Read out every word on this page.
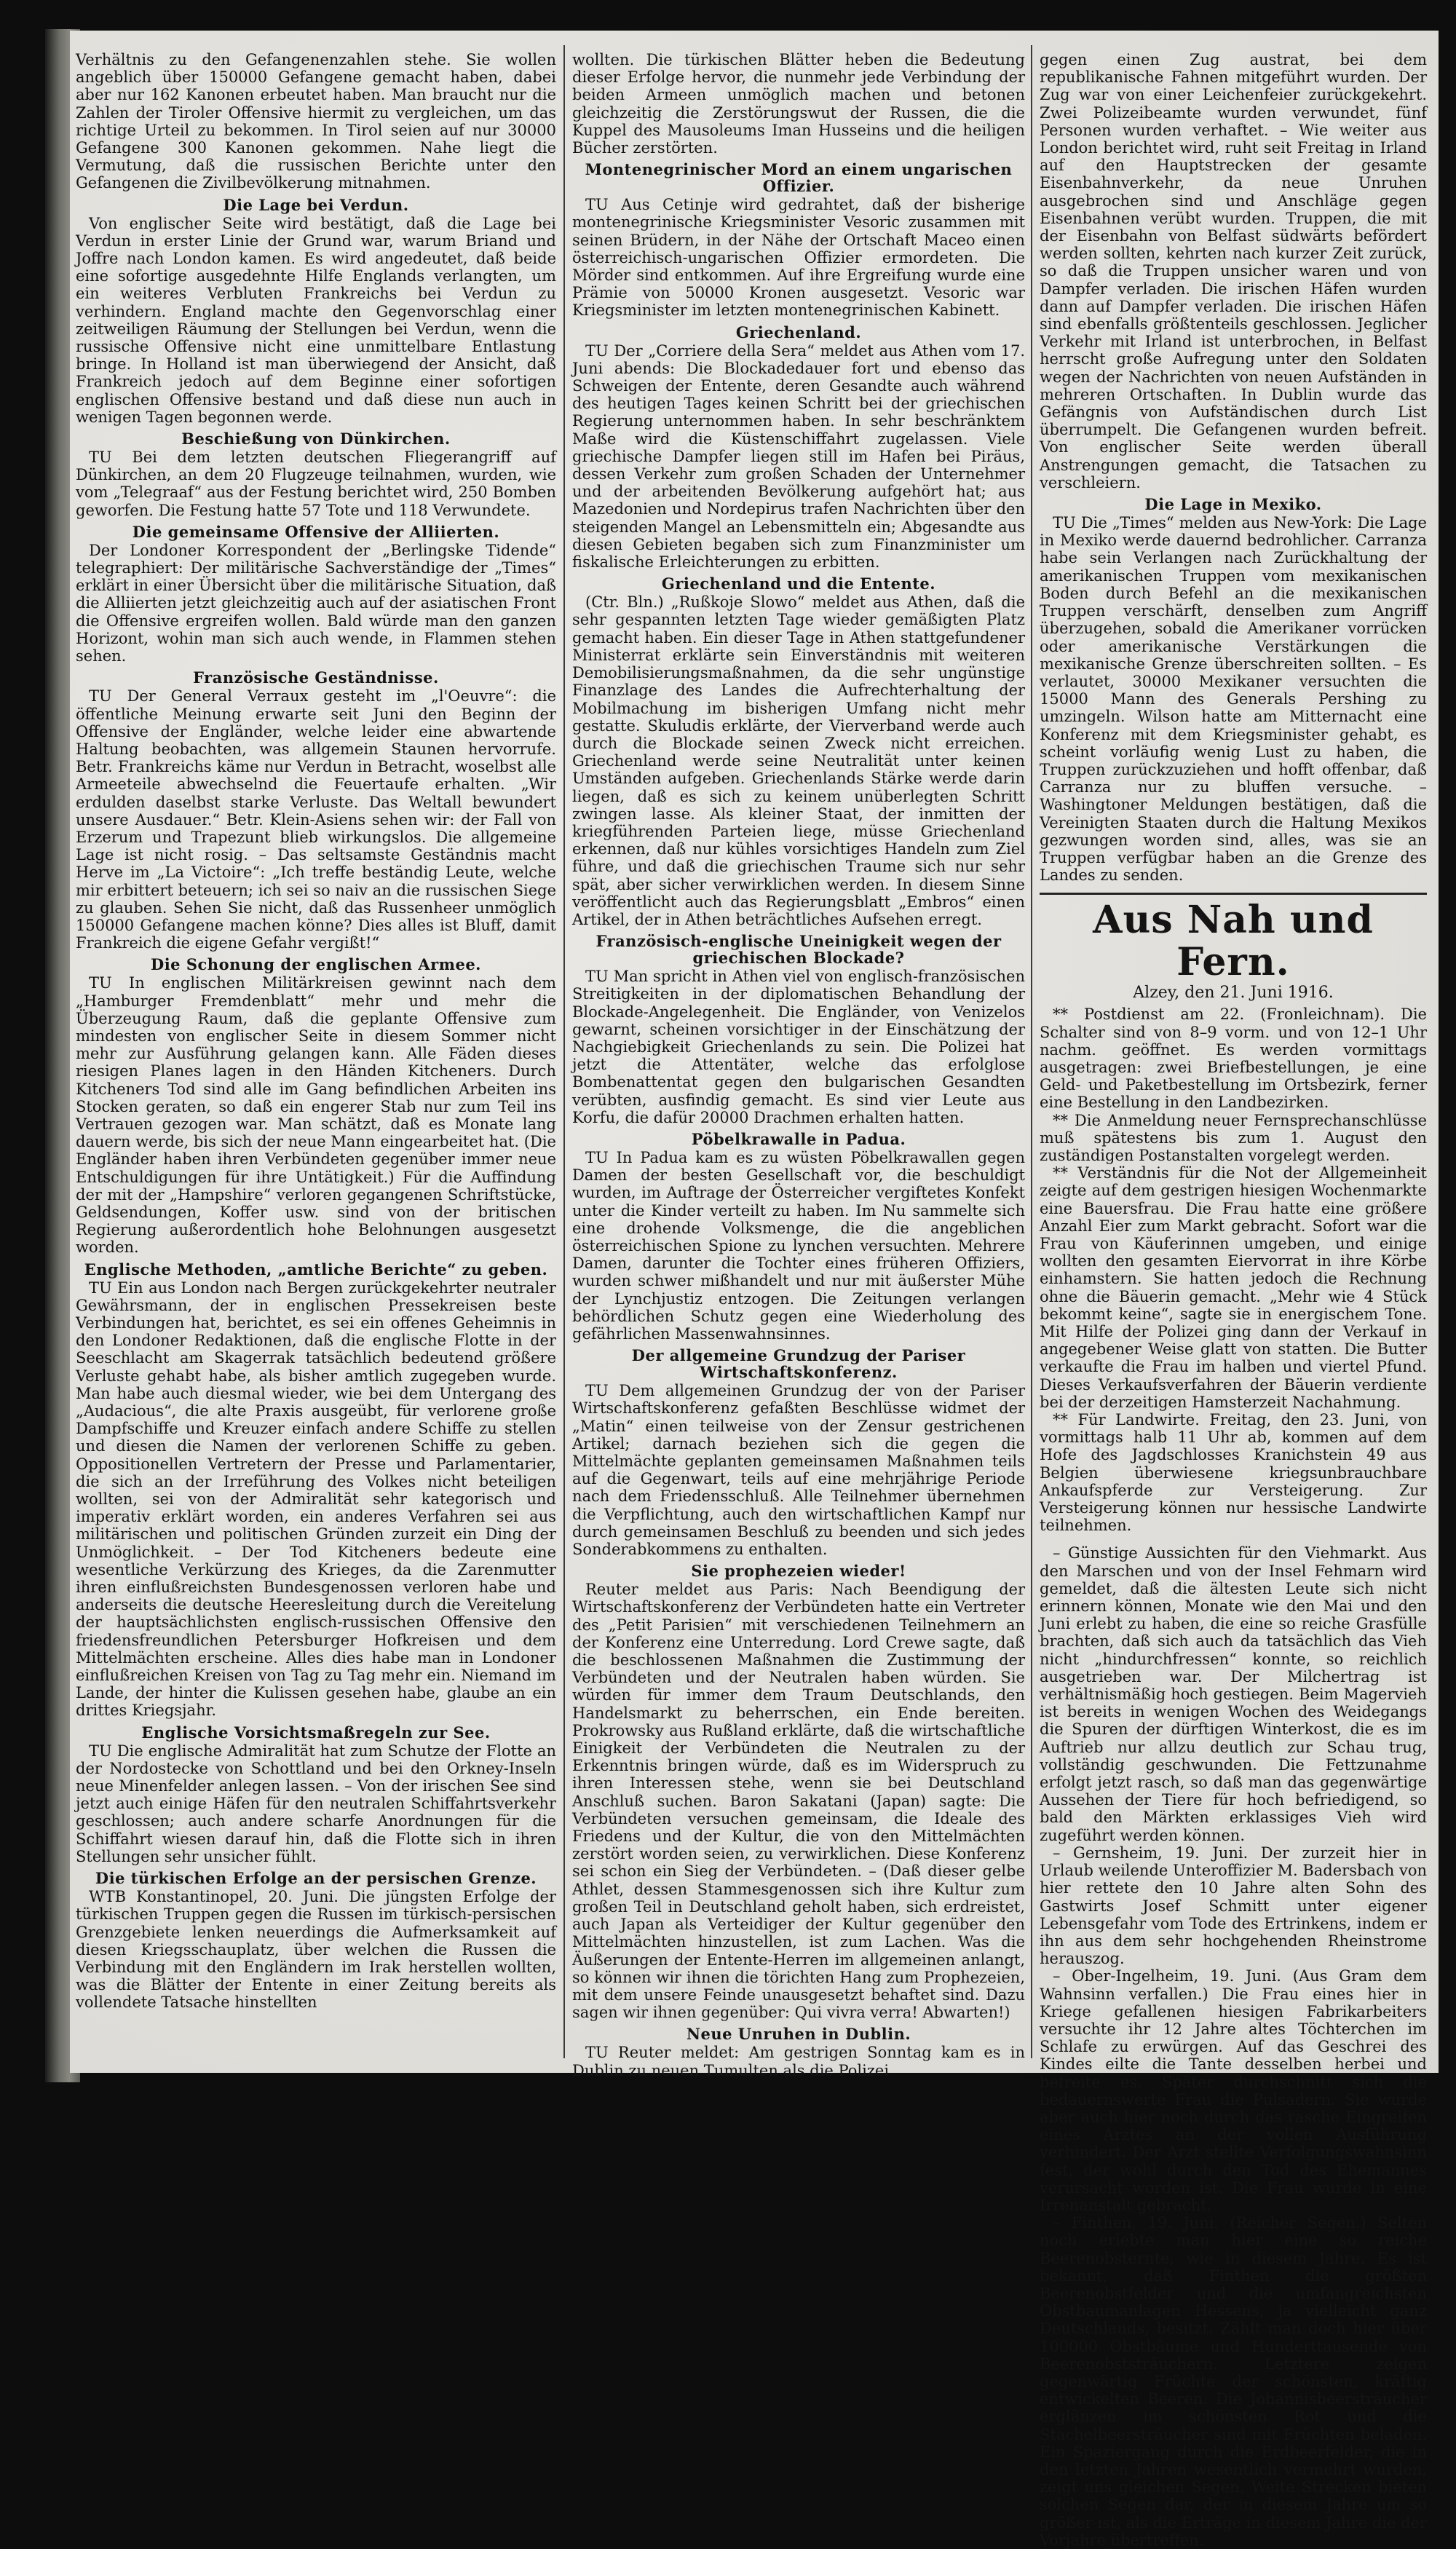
Verhältnis zu den Gefangenenzahlen stehe. Sie wollen angeblich über 150000 Gefangene gemacht haben, dabei aber nur 162 Kanonen erbeutet haben. Man braucht nur die Zahlen der Tiroler Offensive hiermit zu vergleichen, um das richtige Urteil zu bekommen. In Tirol seien auf nur 30000 Gefangene 300 Kanonen gekommen. Nahe liegt die Vermutung, daß die russischen Berichte unter den Gefangenen die Zivilbevölkerung mitnahmen.

Die Lage bei Verdun.

Von englischer Seite wird bestätigt, daß die Lage bei Verdun in erster Linie der Grund war, warum Briand und Joffre nach London kamen. Es wird angedeutet, daß beide eine sofortige ausgedehnte Hilfe Englands verlangten, um ein weiteres Verbluten Frankreichs bei Verdun zu verhindern. England machte den Gegenvorschlag einer zeitweiligen Räumung der Stellungen bei Verdun, wenn die russische Offensive nicht eine unmittelbare Entlastung bringe. In Holland ist man überwiegend der Ansicht, daß Frankreich jedoch auf dem Beginne einer sofortigen englischen Offensive bestand und daß diese nun auch in wenigen Tagen begonnen werde.

Beschießung von Dünkirchen.

TU Bei dem letzten deutschen Fliegerangriff auf Dünkirchen, an dem 20 Flugzeuge teilnahmen, wurden, wie vom „Telegraaf“ aus der Festung berichtet wird, 250 Bomben geworfen. Die Festung hatte 57 Tote und 118 Verwundete.

Die gemeinsame Offensive der Alliierten.

Der Londoner Korrespondent der „Berlingske Tidende“ telegraphiert: Der militärische Sachverständige der „Times“ erklärt in einer Übersicht über die militärische Situation, daß die Alliierten jetzt gleichzeitig auch auf der asiatischen Front die Offensive ergreifen wollen. Bald würde man den ganzen Horizont, wohin man sich auch wende, in Flammen stehen sehen.

Französische Geständnisse.

TU Der General Verraux gesteht im „l'Oeuvre“: die öffentliche Meinung erwarte seit Juni den Beginn der Offensive der Engländer, welche leider eine abwartende Haltung beobachten, was allgemein Staunen hervorrufe. Betr. Frankreichs käme nur Verdun in Betracht, woselbst alle Armeeteile abwechselnd die Feuertaufe erhalten. „Wir erdulden daselbst starke Verluste. Das Weltall bewundert unsere Ausdauer.“ Betr. Klein-Asiens sehen wir: der Fall von Erzerum und Trapezunt blieb wirkungslos. Die allgemeine Lage ist nicht rosig. – Das seltsamste Geständnis macht Herve im „La Victoire“: „Ich treffe beständig Leute, welche mir erbittert beteuern; ich sei so naiv an die russischen Siege zu glauben. Sehen Sie nicht, daß das Russenheer unmöglich 150000 Gefangene machen könne? Dies alles ist Bluff, damit Frankreich die eigene Gefahr vergißt!“

Die Schonung der englischen Armee.

TU In englischen Militärkreisen gewinnt nach dem „Hamburger Fremdenblatt“ mehr und mehr die Überzeugung Raum, daß die geplante Offensive zum mindesten von englischer Seite in diesem Sommer nicht mehr zur Ausführung gelangen kann. Alle Fäden dieses riesigen Planes lagen in den Händen Kitcheners. Durch Kitcheners Tod sind alle im Gang befindlichen Arbeiten ins Stocken geraten, so daß ein engerer Stab nur zum Teil ins Vertrauen gezogen war. Man schätzt, daß es Monate lang dauern werde, bis sich der neue Mann eingearbeitet hat. (Die Engländer haben ihren Verbündeten gegenüber immer neue Entschuldigungen für ihre Untätigkeit.) Für die Auffindung der mit der „Hampshire“ verloren gegangenen Schriftstücke, Geldsendungen, Koffer usw. sind von der britischen Regierung außerordentlich hohe Belohnungen ausgesetzt worden.

Englische Methoden, „amtliche Berichte“ zu geben.

TU Ein aus London nach Bergen zurückgekehrter neutraler Gewährsmann, der in englischen Pressekreisen beste Verbindungen hat, berichtet, es sei ein offenes Geheimnis in den Londoner Redaktionen, daß die englische Flotte in der Seeschlacht am Skagerrak tatsächlich bedeutend größere Verluste gehabt habe, als bisher amtlich zugegeben wurde. Man habe auch diesmal wieder, wie bei dem Untergang des „Audacious“, die alte Praxis ausgeübt, für verlorene große Dampfschiffe und Kreuzer einfach andere Schiffe zu stellen und diesen die Namen der verlorenen Schiffe zu geben. Oppositionellen Vertretern der Presse und Parlamentarier, die sich an der Irreführung des Volkes nicht beteiligen wollten, sei von der Admiralität sehr kategorisch und imperativ erklärt worden, ein anderes Verfahren sei aus militärischen und politischen Gründen zurzeit ein Ding der Unmöglichkeit. – Der Tod Kitcheners bedeute eine wesentliche Verkürzung des Krieges, da die Zarenmutter ihren einflußreichsten Bundesgenossen verloren habe und anderseits die deutsche Heeresleitung durch die Vereitelung der hauptsächlichsten englisch-russischen Offensive den friedensfreundlichen Petersburger Hofkreisen und dem Mittelmächten erscheine. Alles dies habe man in Londoner einflußreichen Kreisen von Tag zu Tag mehr ein. Niemand im Lande, der hinter die Kulissen gesehen habe, glaube an ein drittes Kriegsjahr.

Englische Vorsichtsmaßregeln zur See.

TU Die englische Admiralität hat zum Schutze der Flotte an der Nordostecke von Schottland und bei den Orkney-Inseln neue Minenfelder anlegen lassen. – Von der irischen See sind jetzt auch einige Häfen für den neutralen Schiffahrtsverkehr geschlossen; auch andere scharfe Anordnungen für die Schiffahrt wiesen darauf hin, daß die Flotte sich in ihren Stellungen sehr unsicher fühlt.

Die türkischen Erfolge an der persischen Grenze.

WTB Konstantinopel, 20. Juni. Die jüngsten Erfolge der türkischen Truppen gegen die Russen im türkisch-persischen Grenzgebiete lenken neuerdings die Aufmerksamkeit auf diesen Kriegsschauplatz, über welchen die Russen die Verbindung mit den Engländern im Irak herstellen wollten, was die Blätter der Entente in einer Zeitung bereits als vollendete Tatsache hinstellten

wollten. Die türkischen Blätter heben die Bedeutung dieser Erfolge hervor, die nunmehr jede Verbindung der beiden Armeen unmöglich machen und betonen gleichzeitig die Zerstörungswut der Russen, die die Kuppel des Mausoleums Iman Husseins und die heiligen Bücher zerstörten.

Montenegrinischer Mord an einem ungarischen Offizier.

TU Aus Cetinje wird gedrahtet, daß der bisherige montenegrinische Kriegsminister Vesoric zusammen mit seinen Brüdern, in der Nähe der Ortschaft Maceo einen österreichisch-ungarischen Offizier ermordeten. Die Mörder sind entkommen. Auf ihre Ergreifung wurde eine Prämie von 50000 Kronen ausgesetzt. Vesoric war Kriegsminister im letzten montenegrinischen Kabinett.

Griechenland.

TU Der „Corriere della Sera“ meldet aus Athen vom 17. Juni abends: Die Blockadedauer fort und ebenso das Schweigen der Entente, deren Gesandte auch während des heutigen Tages keinen Schritt bei der griechischen Regierung unternommen haben. In sehr beschränktem Maße wird die Küstenschiffahrt zugelassen. Viele griechische Dampfer liegen still im Hafen bei Piräus, dessen Verkehr zum großen Schaden der Unternehmer und der arbeitenden Bevölkerung aufgehört hat; aus Mazedonien und Nordepirus trafen Nachrichten über den steigenden Mangel an Lebensmitteln ein; Abgesandte aus diesen Gebieten begaben sich zum Finanzminister um fiskalische Erleichterungen zu erbitten.

Griechenland und die Entente.

(Ctr. Bln.) „Rußkoje Slowo“ meldet aus Athen, daß die sehr gespannten letzten Tage wieder gemäßigten Platz gemacht haben. Ein dieser Tage in Athen stattgefundener Ministerrat erklärte sein Einverständnis mit weiteren Demobilisierungsmaßnahmen, da die sehr ungünstige Finanzlage des Landes die Aufrechterhaltung der Mobilmachung im bisherigen Umfang nicht mehr gestatte. Skuludis erklärte, der Vierverband werde auch durch die Blockade seinen Zweck nicht erreichen. Griechenland werde seine Neutralität unter keinen Umständen aufgeben. Griechenlands Stärke werde darin liegen, daß es sich zu keinem unüberlegten Schritt zwingen lasse. Als kleiner Staat, der inmitten der kriegführenden Parteien liege, müsse Griechenland erkennen, daß nur kühles vorsichtiges Handeln zum Ziel führe, und daß die griechischen Traume sich nur sehr spät, aber sicher verwirklichen werden. In diesem Sinne veröffentlicht auch das Regierungsblatt „Embros“ einen Artikel, der in Athen beträchtliches Aufsehen erregt.

Französisch-englische Uneinigkeit wegen der griechischen Blockade?

TU Man spricht in Athen viel von englisch-französischen Streitigkeiten in der diplomatischen Behandlung der Blockade-Angelegenheit. Die Engländer, von Venizelos gewarnt, scheinen vorsichtiger in der Einschätzung der Nachgiebigkeit Griechenlands zu sein. Die Polizei hat jetzt die Attentäter, welche das erfolglose Bombenattentat gegen den bulgarischen Gesandten verübten, ausfindig gemacht. Es sind vier Leute aus Korfu, die dafür 20000 Drachmen erhalten hatten.

Pöbelkrawalle in Padua.

TU In Padua kam es zu wüsten Pöbelkrawallen gegen Damen der besten Gesellschaft vor, die beschuldigt wurden, im Auftrage der Österreicher vergiftetes Konfekt unter die Kinder verteilt zu haben. Im Nu sammelte sich eine drohende Volksmenge, die die angeblichen österreichischen Spione zu lynchen versuchten. Mehrere Damen, darunter die Tochter eines früheren Offiziers, wurden schwer mißhandelt und nur mit äußerster Mühe der Lynchjustiz entzogen. Die Zeitungen verlangen behördlichen Schutz gegen eine Wiederholung des gefährlichen Massenwahnsinnes.

Der allgemeine Grundzug der Pariser Wirtschaftskonferenz.

TU Dem allgemeinen Grundzug der von der Pariser Wirtschaftskonferenz gefaßten Beschlüsse widmet der „Matin“ einen teilweise von der Zensur gestrichenen Artikel; darnach beziehen sich die gegen die Mittelmächte geplanten gemeinsamen Maßnahmen teils auf die Gegenwart, teils auf eine mehrjährige Periode nach dem Friedensschluß. Alle Teilnehmer übernehmen die Verpflichtung, auch den wirtschaftlichen Kampf nur durch gemeinsamen Beschluß zu beenden und sich jedes Sonderabkommens zu enthalten.

Sie prophezeien wieder!

Reuter meldet aus Paris: Nach Beendigung der Wirtschaftskonferenz der Verbündeten hatte ein Vertreter des „Petit Parisien“ mit verschiedenen Teilnehmern an der Konferenz eine Unterredung. Lord Crewe sagte, daß die beschlossenen Maßnahmen die Zustimmung der Verbündeten und der Neutralen haben würden. Sie würden für immer dem Traum Deutschlands, den Handelsmarkt zu beherrschen, ein Ende bereiten. Prokrowsky aus Rußland erklärte, daß die wirtschaftliche Einigkeit der Verbündeten die Neutralen zu der Erkenntnis bringen würde, daß es im Widerspruch zu ihren Interessen stehe, wenn sie bei Deutschland Anschluß suchen. Baron Sakatani (Japan) sagte: Die Verbündeten versuchen gemeinsam, die Ideale des Friedens und der Kultur, die von den Mittelmächten zerstört worden seien, zu verwirklichen. Diese Konferenz sei schon ein Sieg der Verbündeten. – (Daß dieser gelbe Athlet, dessen Stammesgenossen sich ihre Kultur zum großen Teil in Deutschland geholt haben, sich erdreistet, auch Japan als Verteidiger der Kultur gegenüber den Mittelmächten hinzustellen, ist zum Lachen. Was die Äußerungen der Entente-Herren im allgemeinen anlangt, so können wir ihnen die törichten Hang zum Prophezeien, mit dem unsere Feinde unausgesetzt behaftet sind. Dazu sagen wir ihnen gegenüber: Qui vivra verra! Abwarten!)

Neue Unruhen in Dublin.

TU Reuter meldet: Am gestrigen Sonntag kam es in Dublin zu neuen Tumulten als die Polizei

gegen einen Zug austrat, bei dem republikanische Fahnen mitgeführt wurden. Der Zug war von einer Leichenfeier zurückgekehrt. Zwei Polizeibeamte wurden verwundet, fünf Personen wurden verhaftet. – Wie weiter aus London berichtet wird, ruht seit Freitag in Irland auf den Hauptstrecken der gesamte Eisenbahnverkehr, da neue Unruhen ausgebrochen sind und Anschläge gegen Eisenbahnen verübt wurden. Truppen, die mit der Eisenbahn von Belfast südwärts befördert werden sollten, kehrten nach kurzer Zeit zurück, so daß die Truppen unsicher waren und von Dampfer verladen. Die irischen Häfen wurden dann auf Dampfer verladen. Die irischen Häfen sind ebenfalls größtenteils geschlossen. Jeglicher Verkehr mit Irland ist unterbrochen, in Belfast herrscht große Aufregung unter den Soldaten wegen der Nachrichten von neuen Aufständen in mehreren Ortschaften. In Dublin wurde das Gefängnis von Aufständischen durch List überrumpelt. Die Gefangenen wurden befreit. Von englischer Seite werden überall Anstrengungen gemacht, die Tatsachen zu verschleiern.

Die Lage in Mexiko.

TU Die „Times“ melden aus New-York: Die Lage in Mexiko werde dauernd bedrohlicher. Carranza habe sein Verlangen nach Zurückhaltung der amerikanischen Truppen vom mexikanischen Boden durch Befehl an die mexikanischen Truppen verschärft, denselben zum Angriff überzugehen, sobald die Amerikaner vorrücken oder amerikanische Verstärkungen die mexikanische Grenze überschreiten sollten. – Es verlautet, 30000 Mexikaner versuchten die 15000 Mann des Generals Pershing zu umzingeln. Wilson hatte am Mitternacht eine Konferenz mit dem Kriegsminister gehabt, es scheint vorläufig wenig Lust zu haben, die Truppen zurückzuziehen und hofft offenbar, daß Carranza nur zu bluffen versuche. – Washingtoner Meldungen bestätigen, daß die Vereinigten Staaten durch die Haltung Mexikos gezwungen worden sind, alles, was sie an Truppen verfügbar haben an die Grenze des Landes zu senden.

Aus Nah und Fern.
Alzey, den 21. Juni 1916.

** Postdienst am 22. (Fronleichnam). Die Schalter sind von 8–9 vorm. und von 12–1 Uhr nachm. geöffnet. Es werden vormittags ausgetragen: zwei Briefbestellungen, je eine Geld- und Paketbestellung im Ortsbezirk, ferner eine Bestellung in den Landbezirken.

** Die Anmeldung neuer Fernsprechanschlüsse muß spätestens bis zum 1. August den zuständigen Postanstalten vorgelegt werden.

** Verständnis für die Not der Allgemeinheit zeigte auf dem gestrigen hiesigen Wochenmarkte eine Bauersfrau. Die Frau hatte eine größere Anzahl Eier zum Markt gebracht. Sofort war die Frau von Käuferinnen umgeben, und einige wollten den gesamten Eiervorrat in ihre Körbe einhamstern. Sie hatten jedoch die Rechnung ohne die Bäuerin gemacht. „Mehr wie 4 Stück bekommt keine“, sagte sie in energischem Tone. Mit Hilfe der Polizei ging dann der Verkauf in angegebener Weise glatt von statten. Die Butter verkaufte die Frau im halben und viertel Pfund. Dieses Verkaufsverfahren der Bäuerin verdiente bei der derzeitigen Hamsterzeit Nachahmung.

** Für Landwirte. Freitag, den 23. Juni, von vormittags halb 11 Uhr ab, kommen auf dem Hofe des Jagdschlosses Kranichstein 49 aus Belgien überwiesene kriegsunbrauchbare Ankaufspferde zur Versteigerung. Zur Versteigerung können nur hessische Landwirte teilnehmen.

– Günstige Aussichten für den Viehmarkt. Aus den Marschen und von der Insel Fehmarn wird gemeldet, daß die ältesten Leute sich nicht erinnern können, Monate wie den Mai und den Juni erlebt zu haben, die eine so reiche Grasfülle brachten, daß sich auch da tatsächlich das Vieh nicht „hindurchfressen“ konnte, so reichlich ausgetrieben war. Der Milchertrag ist verhältnismäßig hoch gestiegen. Beim Magervieh ist bereits in wenigen Wochen des Weidegangs die Spuren der dürftigen Winterkost, die es im Auftrieb nur allzu deutlich zur Schau trug, vollständig geschwunden. Die Fettzunahme erfolgt jetzt rasch, so daß man das gegenwärtige Aussehen der Tiere für hoch befriedigend, so bald den Märkten erklassiges Vieh wird zugeführt werden können.

– Gernsheim, 19. Juni. Der zurzeit hier in Urlaub weilende Unteroffizier M. Badersbach von hier rettete den 10 Jahre alten Sohn des Gastwirts Josef Schmitt unter eigener Lebensgefahr vom Tode des Ertrinkens, indem er ihn aus dem sehr hochgehenden Rheinstrome herauszog.

– Ober-Ingelheim, 19. Juni. (Aus Gram dem Wahnsinn verfallen.) Die Frau eines hier in Kriege gefallenen hiesigen Fabrikarbeiters versuchte ihr 12 Jahre altes Töchterchen im Schlafe zu erwürgen. Auf das Geschrei des Kindes eilte die Tante desselben herbei und befreite es. Später durchschnitt sich die bedauernswerte Frau die Pulsadern. Sie wurde aber auch hier noch durch das rasche Eingreifen eines Arztes an der vollen Ausführung verhindert. Der Arzt stellte Verfolgungswahnsinn fest, der wohl durch den Tod des Ehemannes verursacht worden ist. Die Frau wurde in eine Irrenanstalt gebracht.

– Finthen, 19. Juni. (Reicher Segen.) Selten noch erlebte man hier eine so reiche Beerenobsternte, wie in diesem Jahre. Es ist bekannt, daß Finthen die größten Beerenobstfelder und die umfangreichsten Obstbaumanlagen Hessens, ja vielleicht ganz Deutschlands, besitzt. Zählt man doch hier über 100000 Obstbäume und Hunderttausende von Beerenobststräuchern. Letztere zeigen gegenwärtig Früchte der schönsten, kräftig entwickelten Beeren. Die Johannisbeersträucher erglänzen im schönsten Rot und die Stachelbeersträucher sind mit Früchten beladen. Ein Spaziergang durch die Erdbeerfelder, die in den letzten Jahren wesentlich vermehrt wurden, zeigt uns gleichen Segen. Weite Strecken bieten solchen Segen dar, der in diesem Jahre um so größer ist, als die Erträge in diesem Jahre die der Vorjahre übertreffen.
